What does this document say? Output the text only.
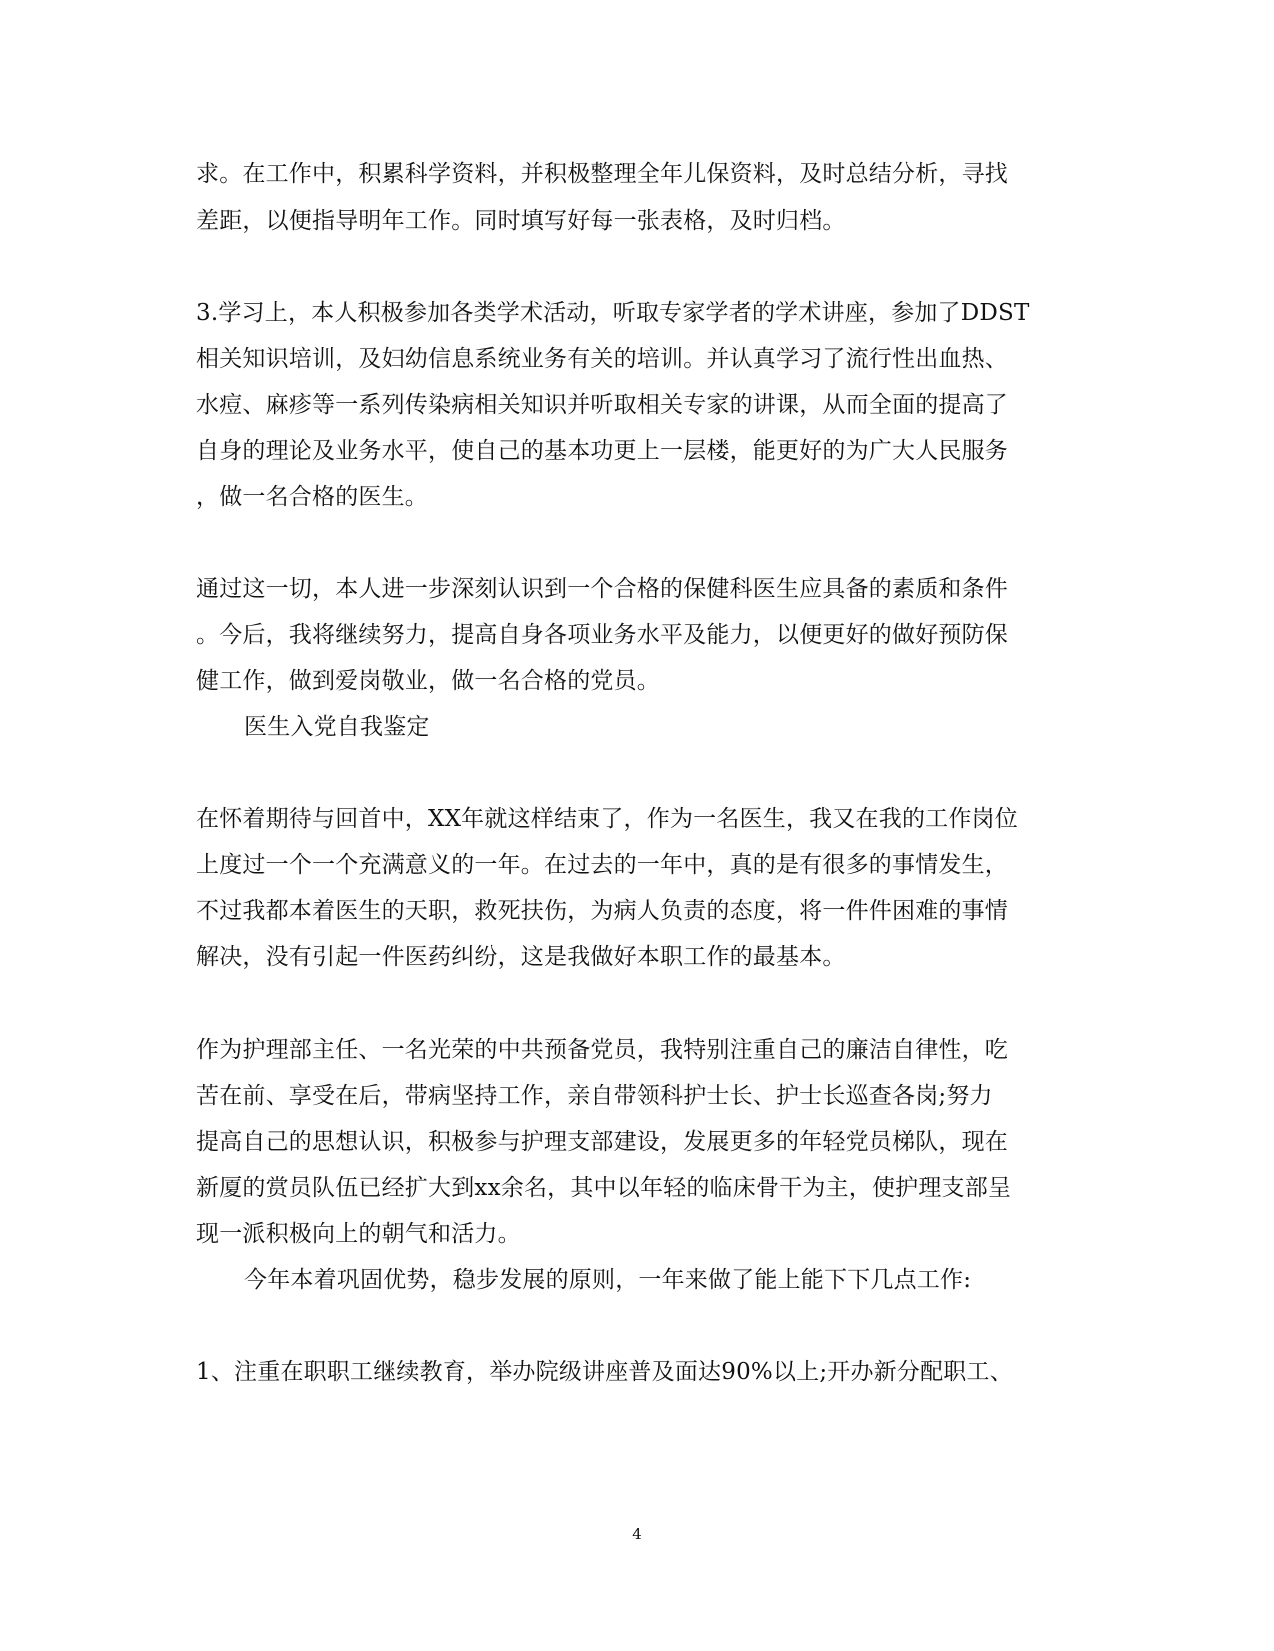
求。在工作中，积累科学资料，并积极整理全年儿保资料，及时总结分析，寻找
差距，以便指导明年工作。同时填写好每一张表格，及时归档。
3.学习上，本人积极参加各类学术活动，听取专家学者的学术讲座，参加了DDST
相关知识培训，及妇幼信息系统业务有关的培训。并认真学习了流行性出血热、
水痘、麻疹等一系列传染病相关知识并听取相关专家的讲课，从而全面的提高了
自身的理论及业务水平，使自己的基本功更上一层楼，能更好的为广大人民服务
，做一名合格的医生。
通过这一切，本人进一步深刻认识到一个合格的保健科医生应具备的素质和条件
。今后，我将继续努力，提高自身各项业务水平及能力，以便更好的做好预防保
健工作，做到爱岗敬业，做一名合格的党员。
医生入党自我鉴定
在怀着期待与回首中，XX年就这样结束了，作为一名医生，我又在我的工作岗位
上度过一个一个充满意义的一年。在过去的一年中，真的是有很多的事情发生，
不过我都本着医生的天职，救死扶伤，为病人负责的态度，将一件件困难的事情
解决，没有引起一件医药纠纷，这是我做好本职工作的最基本。
作为护理部主任、一名光荣的中共预备党员，我特别注重自己的廉洁自律性，吃
苦在前、享受在后，带病坚持工作，亲自带领科护士长、护士长巡查各岗;努力
提高自己的思想认识，积极参与护理支部建设，发展更多的年轻党员梯队，现在
新厦的赏员队伍已经扩大到xx余名，其中以年轻的临床骨干为主，使护理支部呈
现一派积极向上的朝气和活力。
今年本着巩固优势，稳步发展的原则，一年来做了能上能下下几点工作:
1、注重在职职工继续教育，举办院级讲座普及面达90%以上;开办新分配职工、
4
